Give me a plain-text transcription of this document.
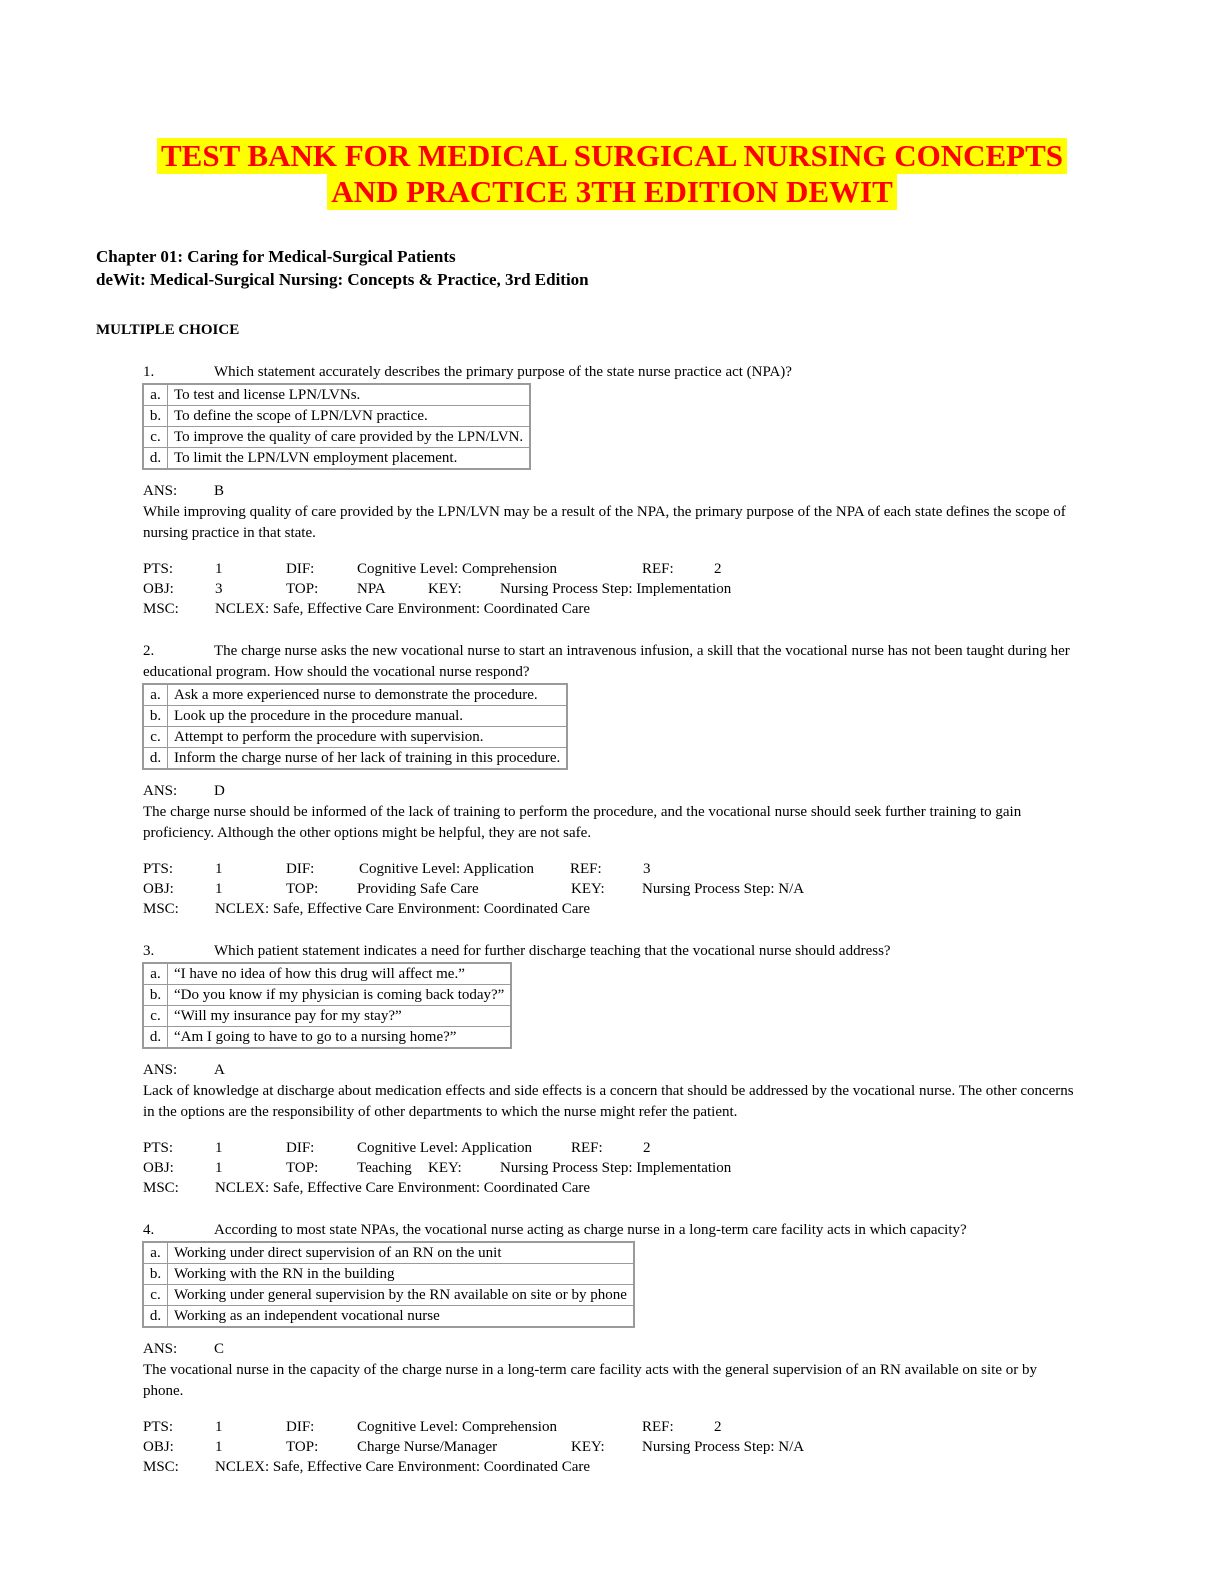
TEST BANK FOR MEDICAL SURGICAL NURSING CONCEPTS
AND PRACTICE 3TH EDITION DEWIT
Chapter 01: Caring for Medical-Surgical Patients
deWit: Medical-Surgical Nursing: Concepts & Practice, 3rd Edition
MULTIPLE CHOICE
1.	Which statement accurately describes the primary purpose of the state nurse practice act (NPA)?
a.	To test and license LPN/LVNs.
b.	To define the scope of LPN/LVN practice.
c.	To improve the quality of care provided by the LPN/LVN.
d.	To limit the LPN/LVN employment placement.
ANS: B
While improving quality of care provided by the LPN/LVN may be a result of the NPA, the primary purpose of the NPA of each state defines the scope of nursing practice in that state.
PTS:	1	DIF:	Cognitive Level: Comprehension	REF:	2
OBJ:	3	TOP:	NPA	KEY:	Nursing Process Step: Implementation
MSC: NCLEX: Safe, Effective Care Environment: Coordinated Care
2.	The charge nurse asks the new vocational nurse to start an intravenous infusion, a skill that the vocational nurse has not been taught during her educational program. How should the vocational nurse respond?
a.	Ask a more experienced nurse to demonstrate the procedure.
b.	Look up the procedure in the procedure manual.
c.	Attempt to perform the procedure with supervision.
d.	Inform the charge nurse of her lack of training in this procedure.
ANS: D
The charge nurse should be informed of the lack of training to perform the procedure, and the vocational nurse should seek further training to gain proficiency. Although the other options might be helpful, they are not safe.
PTS:	1	DIF:	Cognitive Level: Application REF:	3
OBJ:	1	TOP:	Providing Safe Care	KEY: Nursing Process Step: N/A
MSC: NCLEX: Safe, Effective Care Environment: Coordinated Care
3.	Which patient statement indicates a need for further discharge teaching that the vocational nurse should address?
a.	“I have no idea of how this drug will affect me.”
b.	“Do you know if my physician is coming back today?”
c.	“Will my insurance pay for my stay?”
d.	“Am I going to have to go to a nursing home?”
ANS: A
Lack of knowledge at discharge about medication effects and side effects is a concern that should be addressed by the vocational nurse. The other concerns in the options are the responsibility of other departments to which the nurse might refer the patient.
PTS:	1	DIF:	Cognitive Level: Application	REF:	2
OBJ:	1	TOP:	Teaching KEY:	Nursing Process Step: Implementation
MSC: NCLEX: Safe, Effective Care Environment: Coordinated Care
4.	According to most state NPAs, the vocational nurse acting as charge nurse in a long-term care facility acts in which capacity?
a.	Working under direct supervision of an RN on the unit
b.	Working with the RN in the building
c.	Working under general supervision by the RN available on site or by phone
d.	Working as an independent vocational nurse
ANS: C
The vocational nurse in the capacity of the charge nurse in a long-term care facility acts with the general supervision of an RN available on site or by phone.
PTS:	1	DIF:	Cognitive Level: Comprehension	REF:	2
OBJ:	1	TOP:	Charge Nurse/Manager	KEY: Nursing Process Step: N/A
MSC: NCLEX: Safe, Effective Care Environment: Coordinated Care
